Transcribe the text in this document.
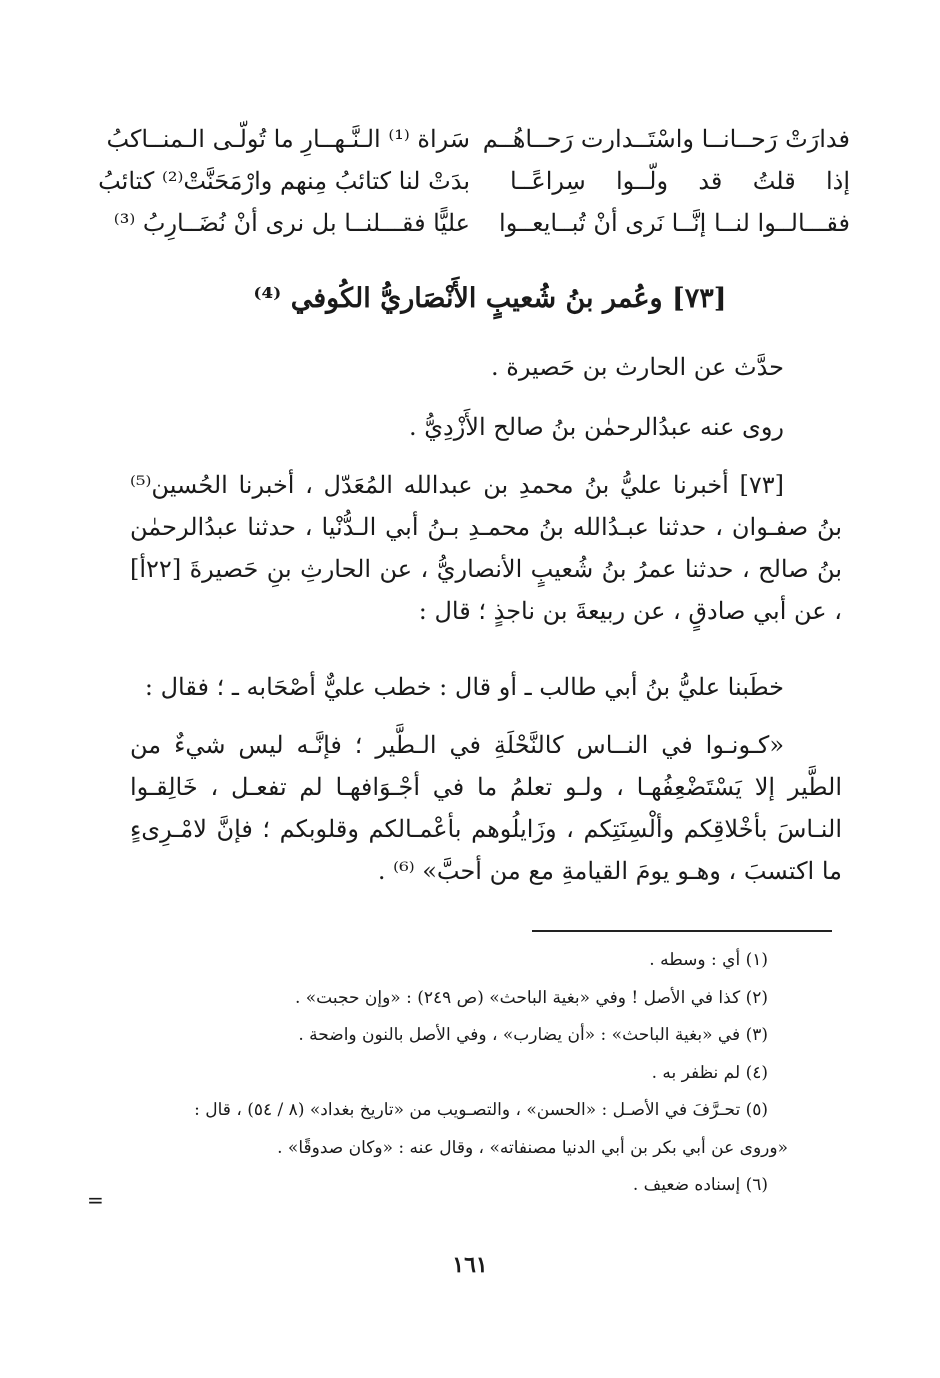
فدارَتْ رَحــانــا واسْتَــدارت رَحــاهُــم
سَراة ⁽¹⁾ الـنَّـهــارِ ما تُولّـى الـمنــاكبُ
إذا قلتُ قد ولّــوا سِراعًــا
بدَتْ لنا كتائبُ مِنهم وارْمَحَنَّتْ⁽²⁾ كتائبُ
فقـــالــوا لنــا إنَّــا نَرى أنْ تُبــايعــوا
عليًّا فقـــلنــا بل نرى أنْ نُضَــارِبُ ⁽³⁾
[٧٣] وعُمر بنُ شُعيبٍ الأَنْصَاريُّ الكُوفي ⁽⁴⁾
حدَّث عن الحارث بن حَصيرة .
روى عنه عبدُالرحمٰن بنُ صالح الأَزْدِيُّ .
[٧٣] أخبرنا عليُّ بنُ محمدِ بن عبدالله المُعَدّل ، أخبرنا الحُسين⁽⁵⁾ بنُ صفـوان ، حدثنا عبـدُالله بنُ محمـدِ بـنُ أبي الـدُّنْيا ، حدثنا عبدُالرحمٰن بنُ صالح ، حدثنا عمرُ بنُ شُعيبٍ الأنصاريُّ ، عن الحارثِ بنِ حَصيرةَ [٢٢أ] ، عن أبي صادقٍ ، عن ربيعةَ بن ناجذٍ ؛ قال :
خطَبنا عليُّ بنُ أبي طالب ـ أو قال : خطب عليٌّ أصْحَابه ـ ؛ فقال :
«كـونـوا في النــاس كالنَّحْلَةِ في الـطَّير ؛ فإنَّـه ليس شيءٌ من الطَّير إلا يَسْتَضْعِفُهـا ، ولـو تعلمُ ما في أجْـوَافهـا لم تفعـل ، خَالِقـوا النـاسَ بأخْلاقِكم وألْسِنَتِكم ، وزَايلُوهم بأعْمـالكم وقلوبكم ؛ فإنَّ لامْـرِىءٍ ما اكتسبَ ، وهـو يومَ القيامةِ مع من أحبَّ» ⁽⁶⁾ .
(١) أي : وسطه .
(٢) كذا في الأصل ! وفي «بغية الباحث» (ص ٢٤٩) : «وإن حجبت» .
(٣) في «بغية الباحث» : «أن يضارب» ، وفي الأصل بالنون واضحة .
(٤) لم نظفر به .
(٥) تحـرَّفَ في الأصـل : «الحسن» ، والتصـويب من «تاريخ بغداد» (٨ / ٥٤) ، قال :
«وروى عن أبي بكر بن أبي الدنيا مصنفاته» ، وقال عنه : «وكان صدوقًا» .
(٦) إسناده ضعيف .
=
١٦١
